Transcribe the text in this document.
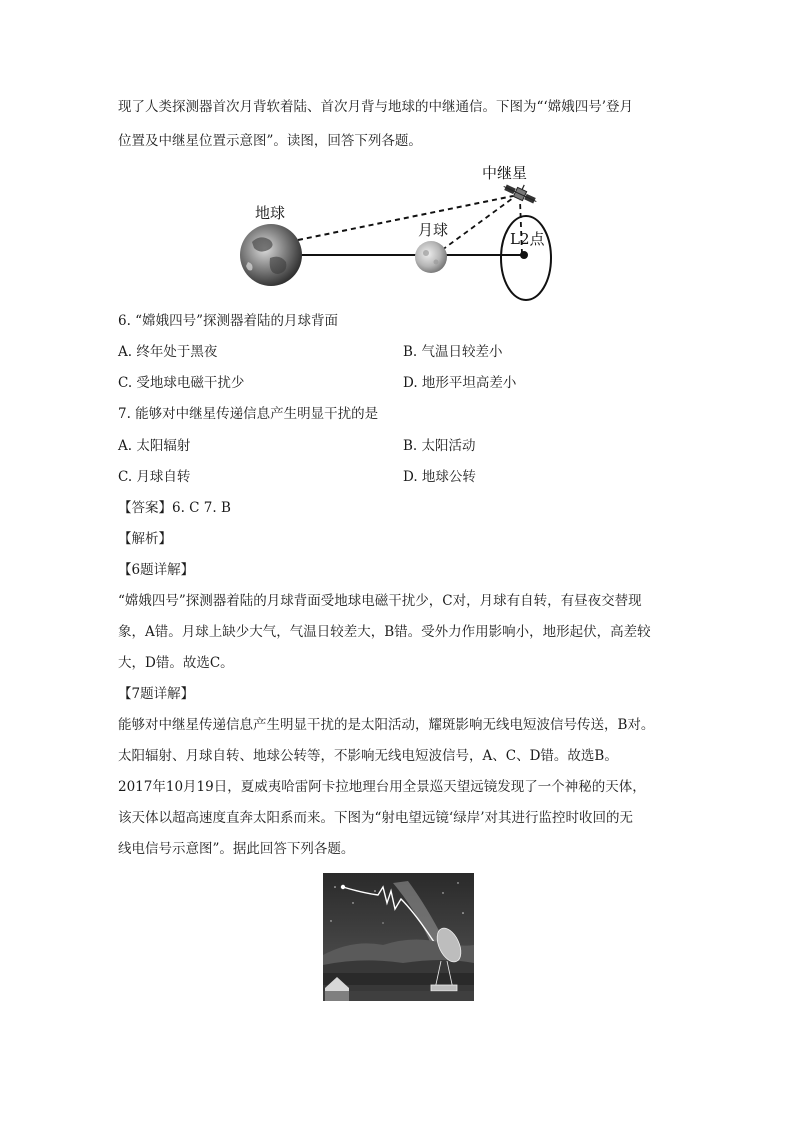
现了人类探测器首次月背软着陆、首次月背与地球的中继通信。下图为“‘嫦娥四号’登月
位置及中继星位置示意图”。读图，回答下列各题。
中继星
地球
月球	L2点
6. “嫦娥四号”探测器着陆的月球背面
A. 终年处于黑夜	B. 气温日较差小
C. 受地球电磁干扰少	D. 地形平坦高差小
7. 能够对中继星传递信息产生明显干扰的是
A. 太阳辐射	B. 太阳活动
C. 月球自转	D. 地球公转
【答案】6. C 7. B
【解析】
【6题详解】
“嫦娥四号”探测器着陆的月球背面受地球电磁干扰少，C对，月球有自转，有昼夜交替现
象，A错。月球上缺少大气，气温日较差大，B错。受外力作用影响小，地形起伏，高差较
大，D错。故选C。
【7题详解】
能够对中继星传递信息产生明显干扰的是太阳活动，耀斑影响无线电短波信号传送，B对。
太阳辐射、月球自转、地球公转等，不影响无线电短波信号，A、C、D错。故选B。
2017年10月19日，夏威夷哈雷阿卡拉地理台用全景巡天望远镜发现了一个神秘的天体，
该天体以超高速度直奔太阳系而来。下图为“射电望远镜‘绿岸’对其进行监控时收回的无
线电信号示意图”。据此回答下列各题。
